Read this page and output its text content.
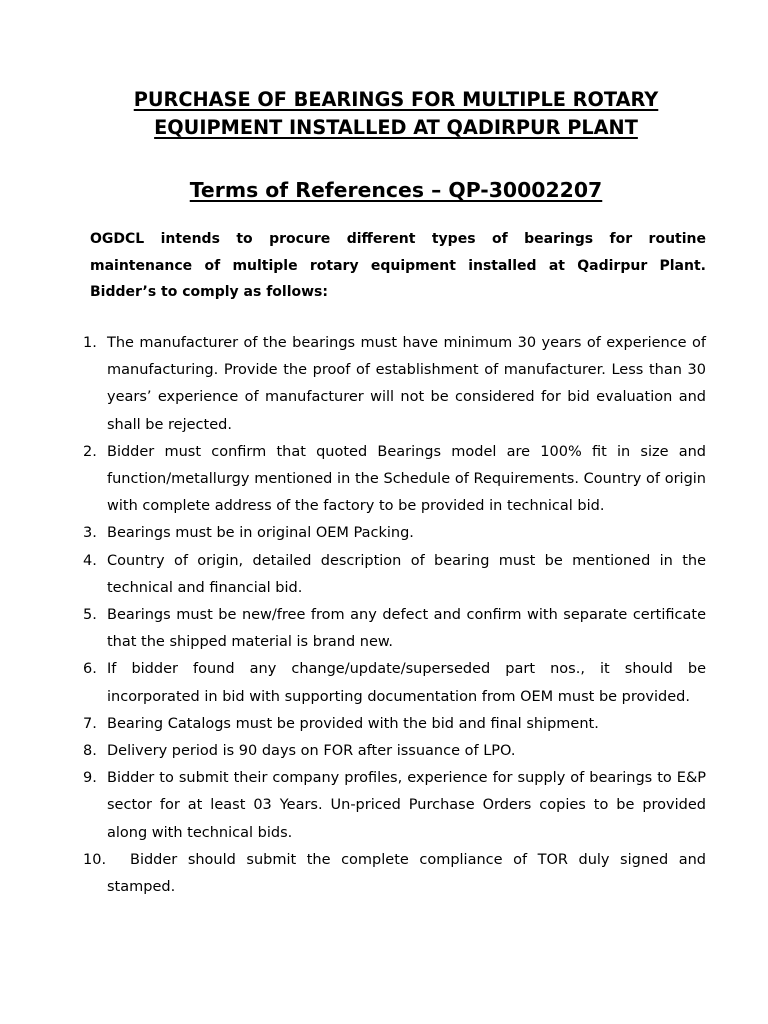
PURCHASE OF BEARINGS FOR MULTIPLE ROTARY
EQUIPMENT INSTALLED AT QADIRPUR PLANT
Terms of References – QP-30002207
OGDCL intends to procure different types of bearings for routine maintenance of multiple rotary equipment installed at Qadirpur Plant. Bidder’s to comply as follows:
1. The manufacturer of the bearings must have minimum 30 years of experience of manufacturing. Provide the proof of establishment of manufacturer. Less than 30 years’ experience of manufacturer will not be considered for bid evaluation and shall be rejected.
2. Bidder must confirm that quoted Bearings model are 100% fit in size and function/metallurgy mentioned in the Schedule of Requirements. Country of origin with complete address of the factory to be provided in technical bid.
3. Bearings must be in original OEM Packing.
4. Country of origin, detailed description of bearing must be mentioned in the technical and financial bid.
5. Bearings must be new/free from any defect and confirm with separate certificate that the shipped material is brand new.
6. If bidder found any change/update/superseded part nos., it should be incorporated in bid with supporting documentation from OEM must be provided.
7. Bearing Catalogs must be provided with the bid and final shipment.
8. Delivery period is 90 days on FOR after issuance of LPO.
9. Bidder to submit their company profiles, experience for supply of bearings to E&P sector for at least 03 Years. Un-priced Purchase Orders copies to be provided along with technical bids.
10.	Bidder should submit the complete compliance of TOR duly signed and stamped.
